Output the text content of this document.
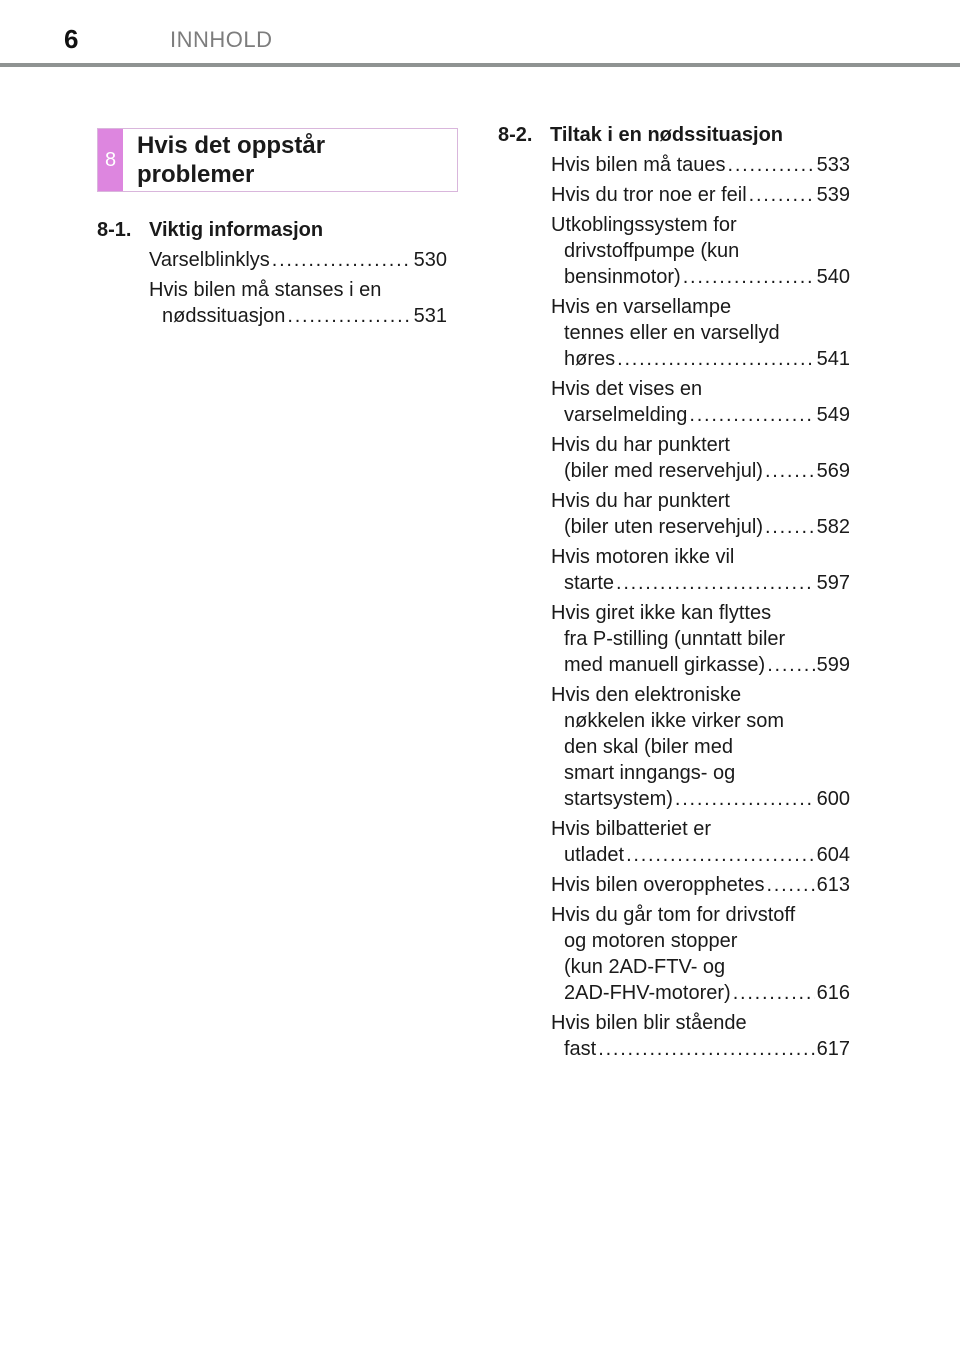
6	INNHOLD
8
Hvis det oppstår problemer
8-1. Viktig informasjon
Varselblinklys . . .	530
Hvis bilen må stanses i en
nødssituasjon . . .	531
8-2. Tiltak i en nødssituasjon
Hvis bilen må taues . . .	533
Hvis du tror noe er feil . . .	539
Utkoblingssystem for
drivstoffpumpe (kun
bensinmotor) . . .	540
Hvis en varsellampe
tennes eller en varsellyd
høres . . .	541
Hvis det vises en
varselmelding . . .	549
Hvis du har punktert
(biler med reservehjul) . . .	569
Hvis du har punktert
(biler uten reservehjul) . . .	582
Hvis motoren ikke vil
starte . . .	597
Hvis giret ikke kan flyttes
fra P-stilling (unntatt biler
med manuell girkasse) . . .	599
Hvis den elektroniske
nøkkelen ikke virker som
den skal (biler med
smart inngangs- og
startsystem) . . .	600
Hvis bilbatteriet er
utladet . . .	604
Hvis bilen overopphetes . . .	613
Hvis du går tom for drivstoff
og motoren stopper
(kun 2AD-FTV- og
2AD-FHV-motorer) . . .	616
Hvis bilen blir stående
fast . . .	617
